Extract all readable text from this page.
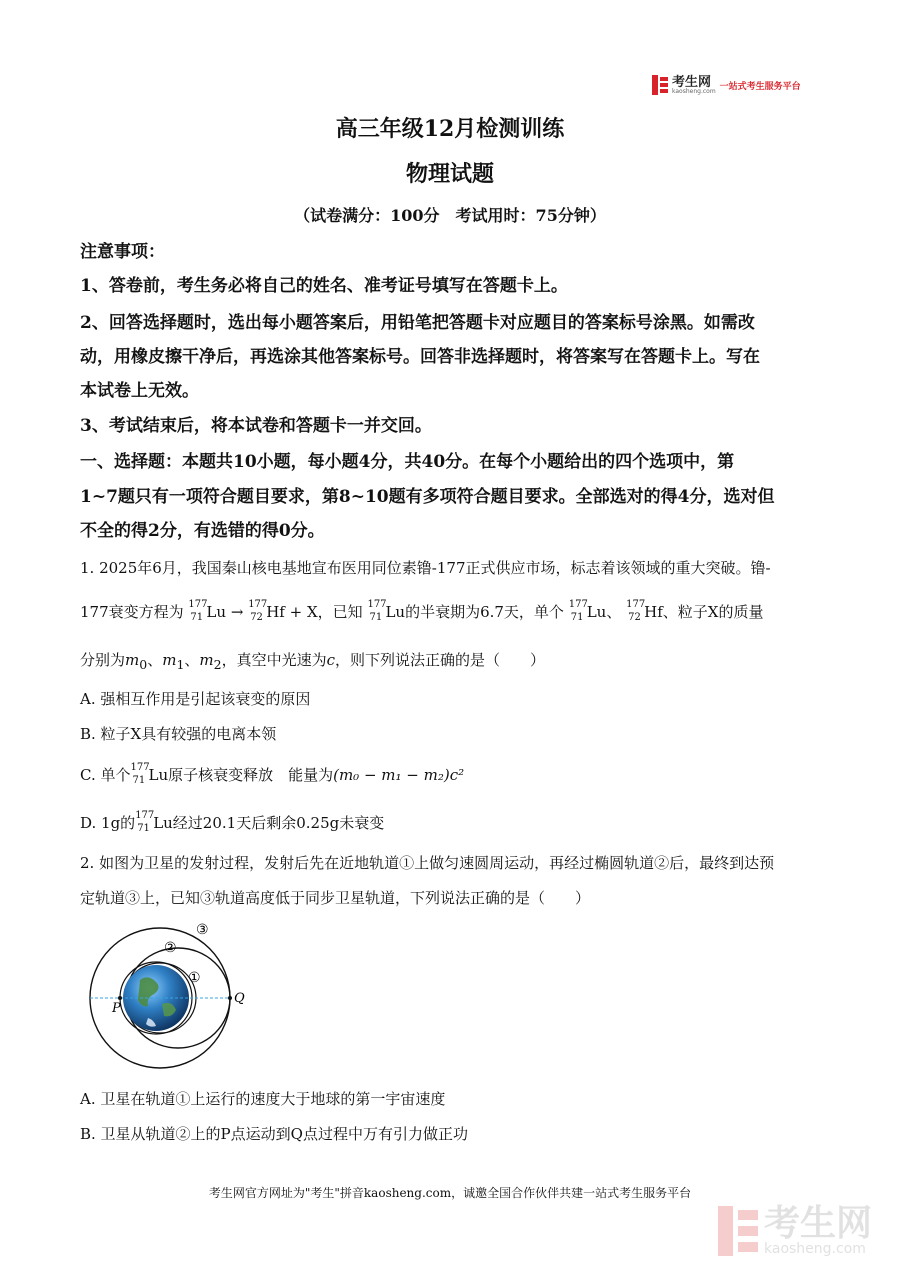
考生网
kaosheng.com 一站式考生服务平台
高三年级12月检测训练
物理试题
（试卷满分：100分　考试用时：75分钟）
注意事项：
1、答卷前，考生务必将自己的姓名、准考证号填写在答题卡上。
2、回答选择题时，选出每小题答案后，用铅笔把答题卡对应题目的答案标号涂黑。如需改
动，用橡皮擦干净后，再选涂其他答案标号。回答非选择题时，将答案写在答题卡上。写在
本试卷上无效。
3、考试结束后，将本试卷和答题卡一并交回。
一、选择题：本题共10小题，每小题4分，共40分。在每个小题给出的四个选项中，第
1~7题只有一项符合题目要求，第8~10题有多项符合题目要求。全部选对的得4分，选对但
不全的得2分，有选错的得0分。
1. 2025年6月，我国秦山核电基地宣布医用同位素镥-177正式供应市场，标志着该领域的重大突破。镥-
177衰变方程为 177
71 Lu → 177
72 Hf + X，已知 177
71 Lu的半衰期为6.7天，单个 177
71 Lu、 177
72 Hf、粒子X的质量
分别为$m_0$、$m_1$、$m_2$，真空中光速为c，则下列说法正确的是（　　）
A. 强相互作用是引起该衰变的原因
B. 粒子X具有较强的电离本领
C. 单个 177
71 Lu原子核衰变释放　能量为(m₀ − m₁ − m₂)c²
D. 1g的 177
71 Lu经过20.1天后剩余0.25g未衰变
2. 如图为卫星的发射过程，发射后先在近地轨道①上做匀速圆周运动，再经过椭圆轨道②后，最终到达预
定轨道③上，已知③轨道高度低于同步卫星轨道，下列说法正确的是（　　）
③
②
①
P
Q
A. 卫星在轨道①上运行的速度大于地球的第一宇宙速度
B. 卫星从轨道②上的P点运动到Q点过程中万有引力做正功
考生网官方网址为"考生"拼音kaosheng.com，诚邀全国合作伙伴共建一站式考生服务平台
考生网
kaosheng.com
